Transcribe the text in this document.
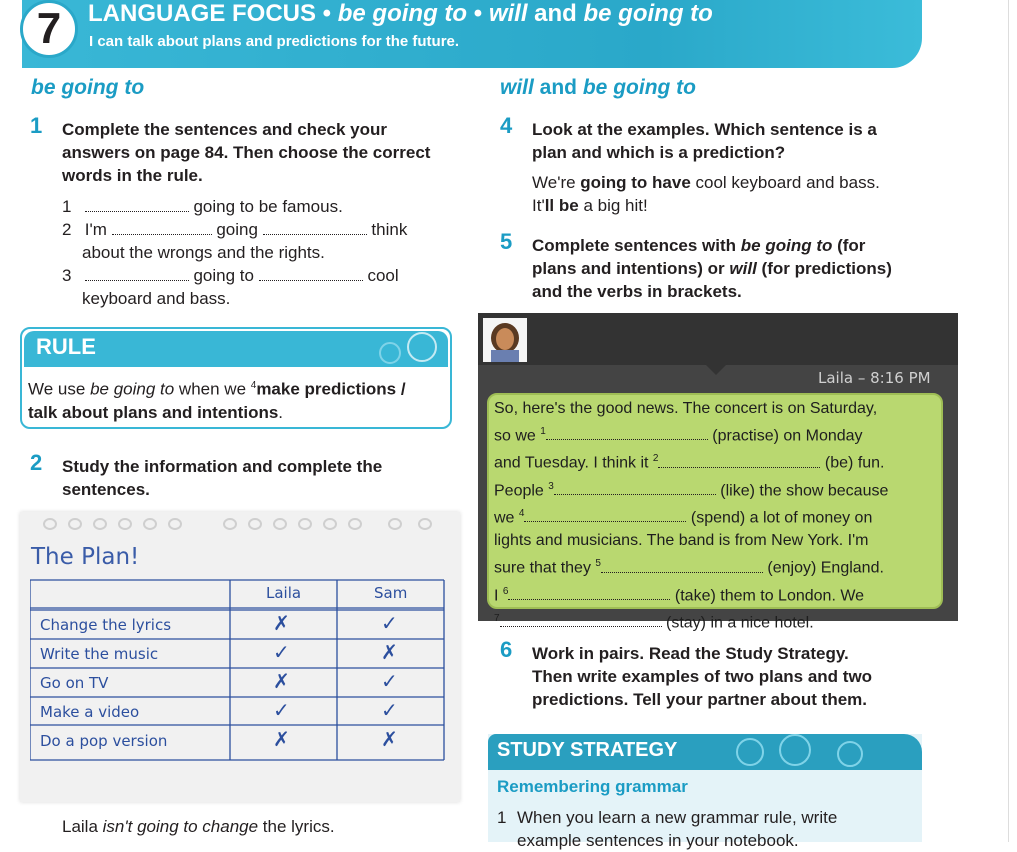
7 LANGUAGE FOCUS • be going to • will and be going to
I can talk about plans and predictions for the future.
be going to
1 Complete the sentences and check your
answers on page 84. Then choose the correct
words in the rule.
1	going to be famous.
2 I'm	going	think
about the wrongs and the rights.
3	going to	cool
keyboard and bass.
RULE
We use be going to when we $^4$make predictions /
talk about plans and intentions.
2 Study the information and complete the
sentences.
The Plan!
Laila	Sam
Change the lyrics	✗	✓
Write the music	✓	✗
Go on TV	✗	✓
Make a video	✓	✓
Do a pop version	✗	✗
Laila isn't going to change the lyrics.
will and be going to
4 Look at the examples. Which sentence is a
plan and which is a prediction?
We're going to have cool keyboard and bass.
It'll be a big hit!
5 Complete sentences with be going to (for
plans and intentions) or will (for predictions)
and the verbs in brackets.
Laila – 8:16 PM
So, here's the good news. The concert is on Saturday,
so we $^1$	(practise) on Monday
and Tuesday. I think it $^2$	(be) fun.
People $^3$	(like) the show because
we $^4$	(spend) a lot of money on
lights and musicians. The band is from New York. I'm
sure that they $^5$	(enjoy) England.
I $^6$	(take) them to London. We
$^7$	(stay) in a nice hotel.
6 Work in pairs. Read the Study Strategy.
Then write examples of two plans and two
predictions. Tell your partner about them.
STUDY STRATEGY
Remembering grammar
1 When you learn a new grammar rule, write
example sentences in your notebook.
